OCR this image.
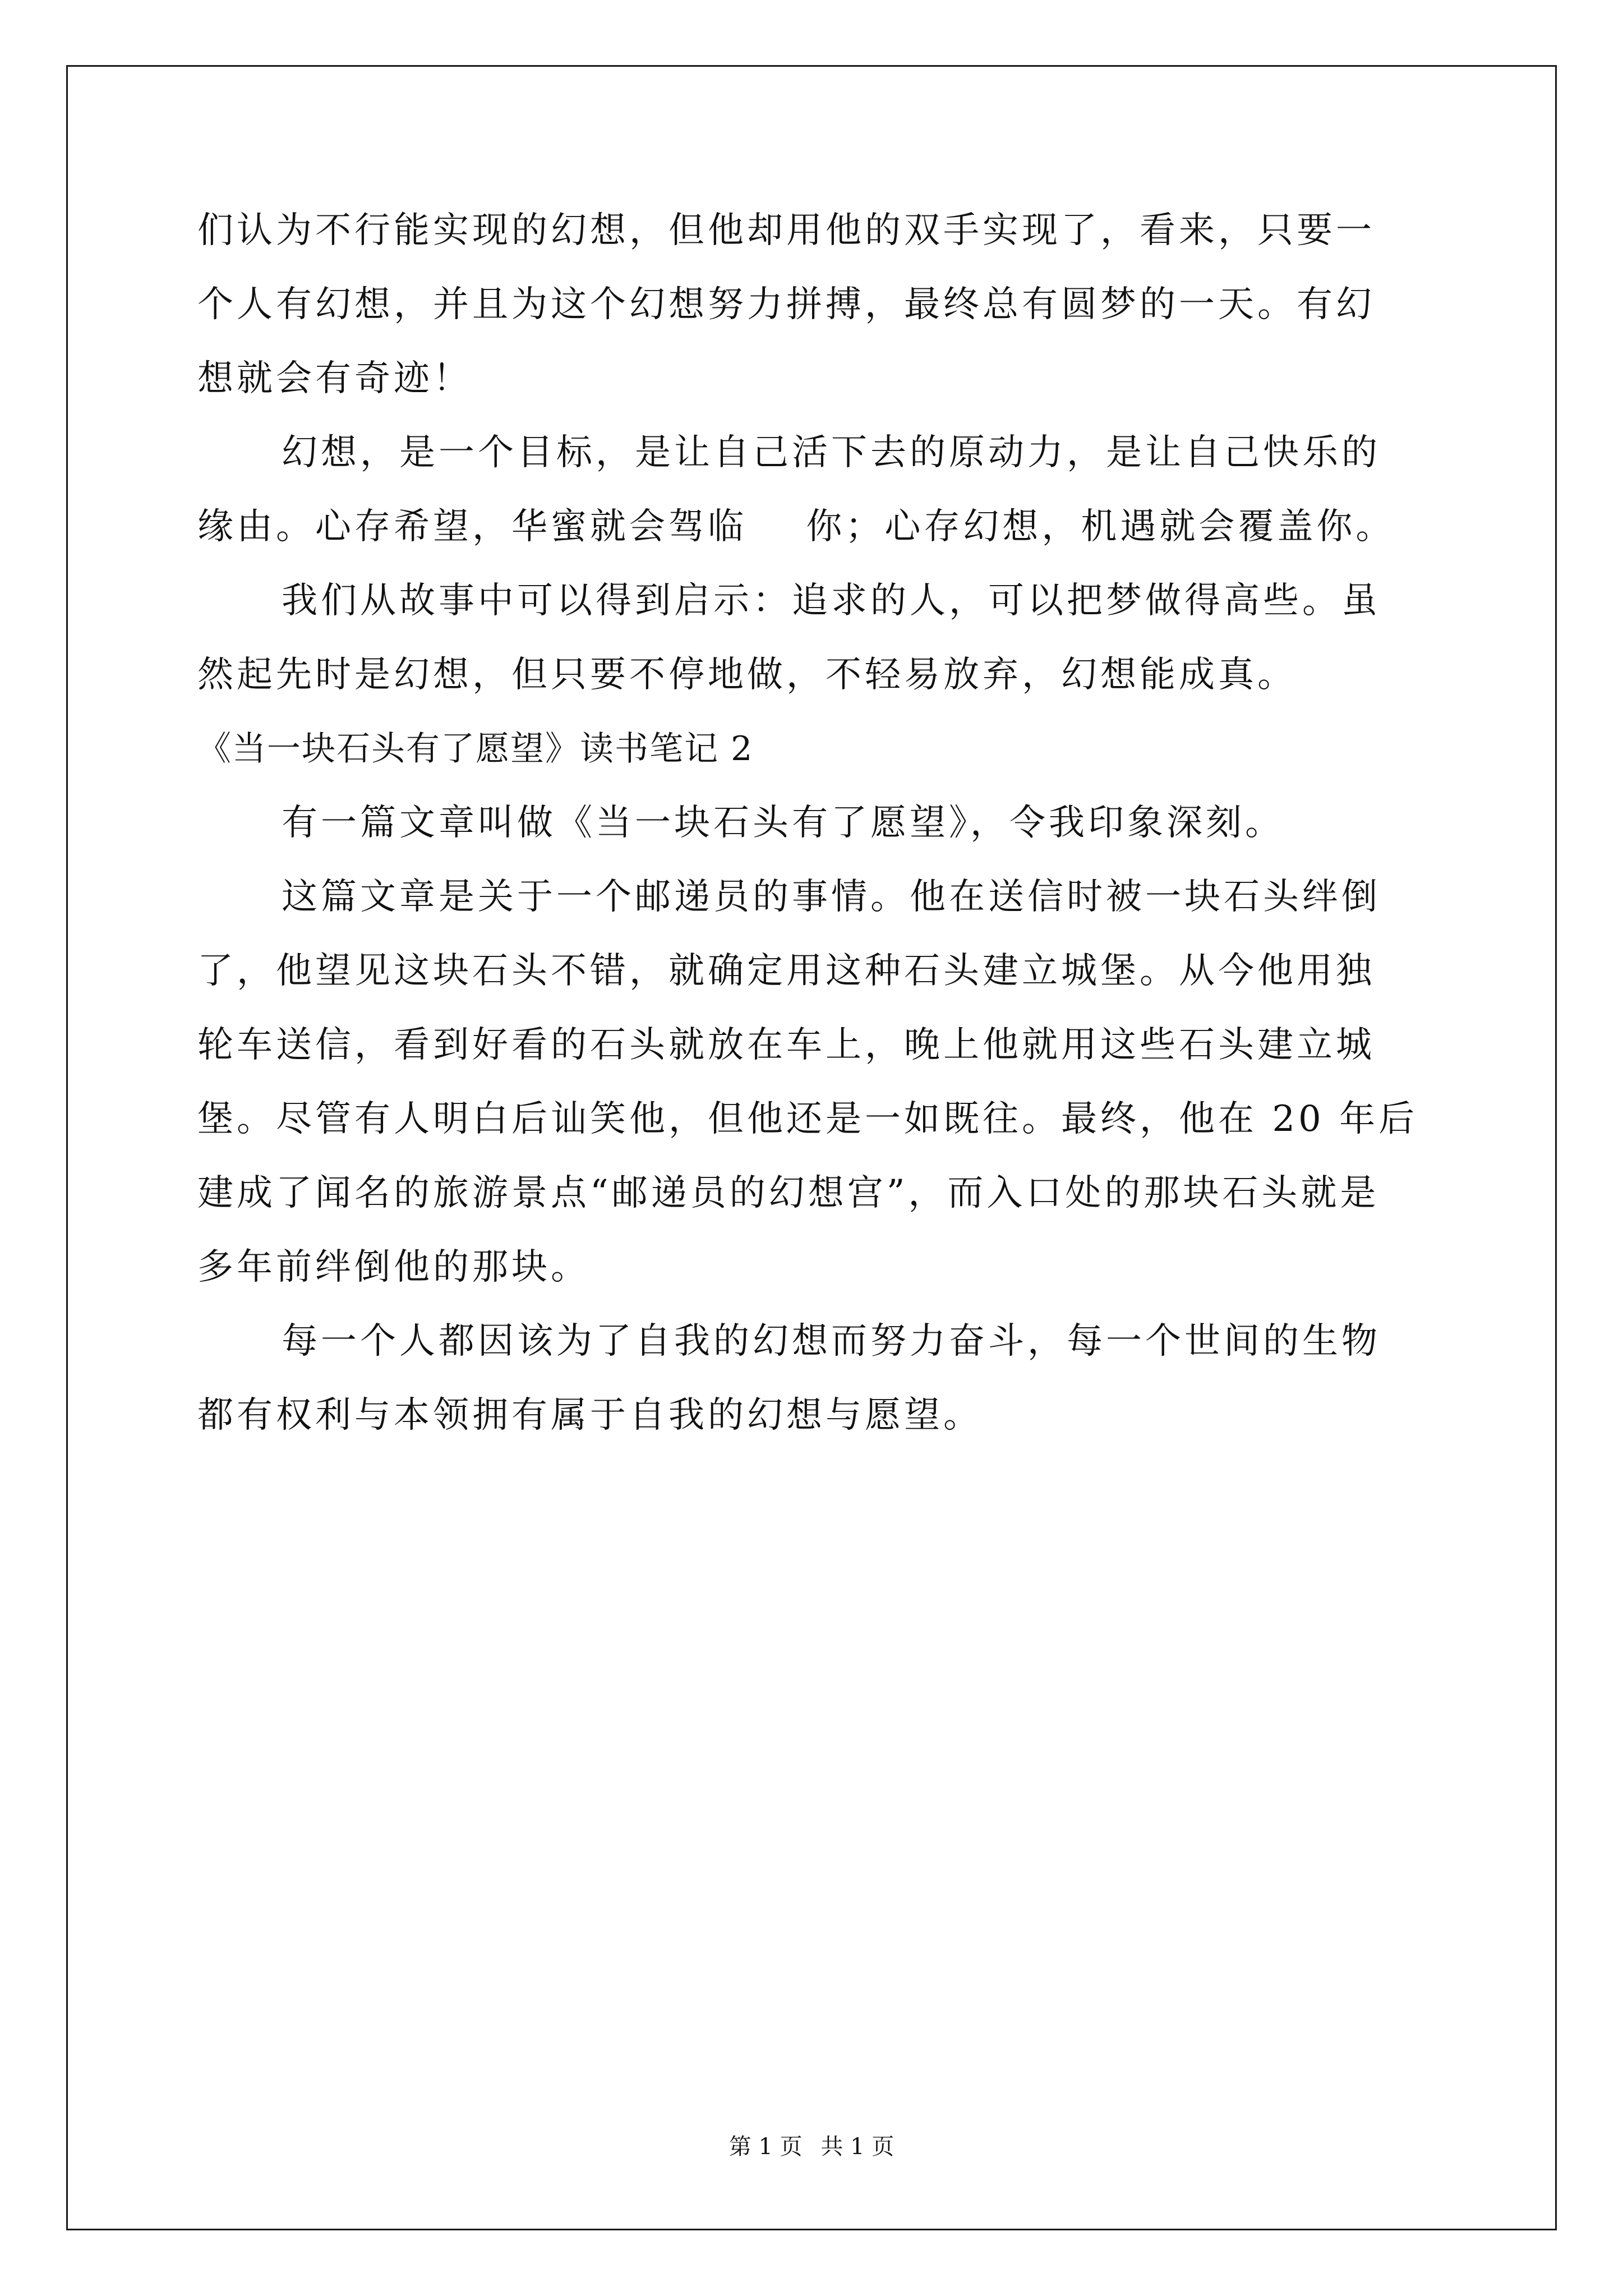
们认为不行能实现的幻想，但他却用他的双手实现了，看来，只要一
个人有幻想，并且为这个幻想努力拼搏，最终总有圆梦的一天。有幻
想就会有奇迹！
幻想，是一个目标，是让自己活下去的原动力，是让自己快乐的
缘由。心存希望，华蜜就会驾临    你；心存幻想，机遇就会覆盖你。
我们从故事中可以得到启示：追求的人，可以把梦做得高些。虽
然起先时是幻想，但只要不停地做，不轻易放弃，幻想能成真。
《当一块石头有了愿望》读书笔记 2
有一篇文章叫做《当一块石头有了愿望》，令我印象深刻。
这篇文章是关于一个邮递员的事情。他在送信时被一块石头绊倒
了，他望见这块石头不错，就确定用这种石头建立城堡。从今他用独
轮车送信，看到好看的石头就放在车上，晚上他就用这些石头建立城
堡。尽管有人明白后讪笑他，但他还是一如既往。最终，他在 20 年后
建成了闻名的旅游景点“邮递员的幻想宫”，而入口处的那块石头就是
多年前绊倒他的那块。
每一个人都因该为了自我的幻想而努力奋斗，每一个世间的生物
都有权利与本领拥有属于自我的幻想与愿望。
第 1 页 共 1 页
